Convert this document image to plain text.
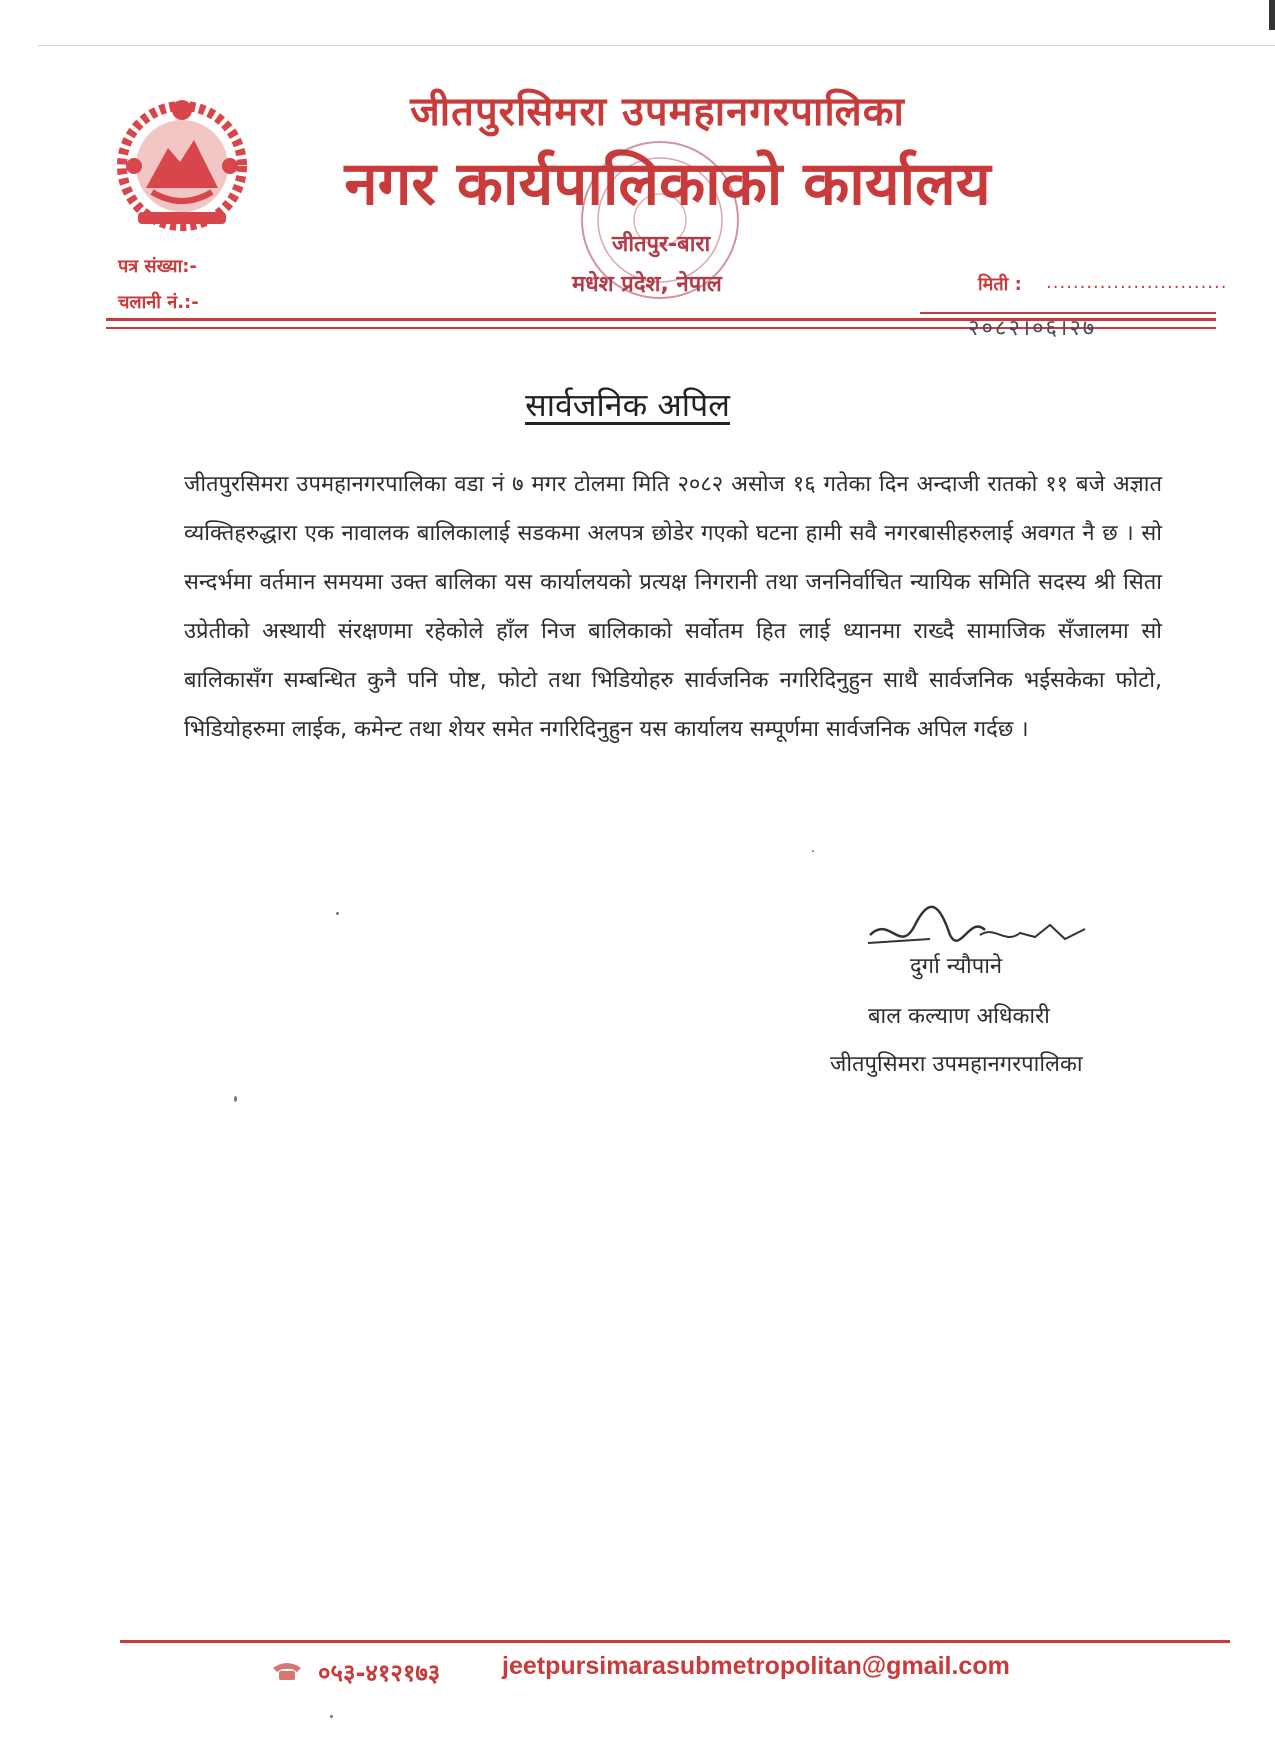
जीतपुरसिमरा उपमहानगरपालिका
नगर कार्यपालिकाको कार्यालय
जीतपुर-बारा
मधेश प्रदेश, नेपाल
पत्र संख्या:-
चलानी नं.:-
मिती : ...........................
२०८२।०६।२७
सार्वजनिक अपिल
जीतपुरसिमरा उपमहानगरपालिका वडा नं ७ मगर टोलमा मिति २०८२ असोज १६ गतेका दिन अन्दाजी रातको ११ बजे अज्ञात व्यक्तिहरुद्धारा एक नावालक बालिकालाई सडकमा अलपत्र छोडेर गएको घटना हामी सवै नगरबासीहरुलाई अवगत नै छ । सो सन्दर्भमा वर्तमान समयमा उक्त बालिका यस कार्यालयको प्रत्यक्ष निगरानी तथा जननिर्वाचित न्यायिक समिति सदस्य श्री सिता उप्रेतीको अस्थायी संरक्षणमा रहेकोले हाँल निज बालिकाको सर्वोतम हित लाई ध्यानमा राख्दै सामाजिक सँजालमा सो बालिकासँग सम्बन्धित कुनै पनि पोष्ट, फोटो तथा भिडियोहरु सार्वजनिक नगरिदिनुहुन साथै सार्वजनिक भईसकेका फोटो, भिडियोहरुमा लाईक, कमेन्ट तथा शेयर समेत नगरिदिनुहुन यस कार्यालय सम्पूर्णमा सार्वजनिक अपिल गर्दछ ।
दुर्गा न्यौपाने
बाल कल्याण अधिकारी
जीतपुसिमरा उपमहानगरपालिका
०५३-४१२१७३ jeetpursimarasubmetropolitan@gmail.com
